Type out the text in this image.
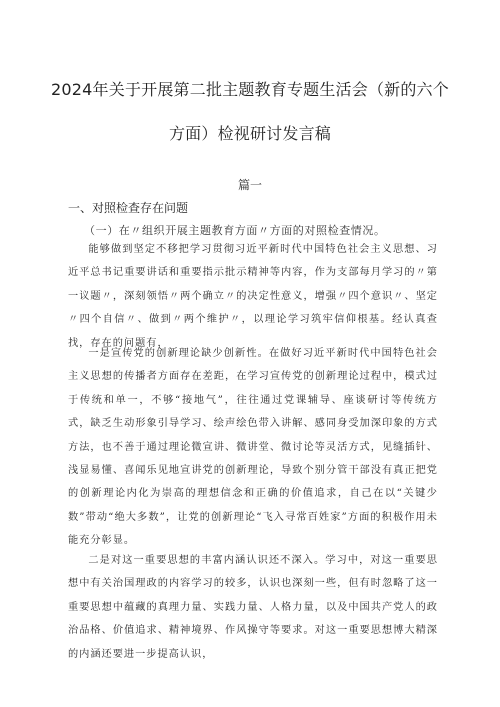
2024年关于开展第二批主题教育专题生活会（新的六个
方面）检视研讨发言稿
篇一
一、对照检查存在问题
（一）在〃组织开展主题教育方面〃方面的对照检查情况。

能够做到坚定不移把学习贯彻习近平新时代中国特色社会主义思想、习近平总书记重要讲话和重要指示批示精神等内容，作为支部每月学习的〃第一议题〃，深刻领悟〃两个确立〃的决定性意义，增强〃四个意识〃、坚定〃四个自信〃、做到〃两个维护〃，以理论学习筑牢信仰根基。经认真查找，存在的问题有，

一是宣传党的创新理论缺少创新性。在做好习近平新时代中国特色社会主义思想的传播者方面存在差距，在学习宣传党的创新理论过程中，模式过于传统和单一，不够“接地气”，往往通过党课辅导、座谈研讨等传统方式，缺乏生动形象引导学习、绘声绘色带入讲解、感同身受加深印象的方式方法，也不善于通过理论微宣讲、微讲堂、微讨论等灵活方式，见缝插针、浅显易懂、喜闻乐见地宣讲党的创新理论，导致个别分管干部没有真正把党的创新理论内化为崇高的理想信念和正确的价值追求，自己在以“关键少数”带动“绝大多数”，让党的创新理论“飞入寻常百姓家”方面的积极作用未能充分彰显。

二是对这一重要思想的丰富内涵认识还不深入。学习中，对这一重要思想中有关治国理政的内容学习的较多，认识也深刻一些，但有时忽略了这一重要思想中蕴藏的真理力量、实践力量、人格力量，以及中国共产党人的政治品格、价值追求、精神境界、作风操守等要求。对这一重要思想博大精深的内涵还要进一步提高认识，
